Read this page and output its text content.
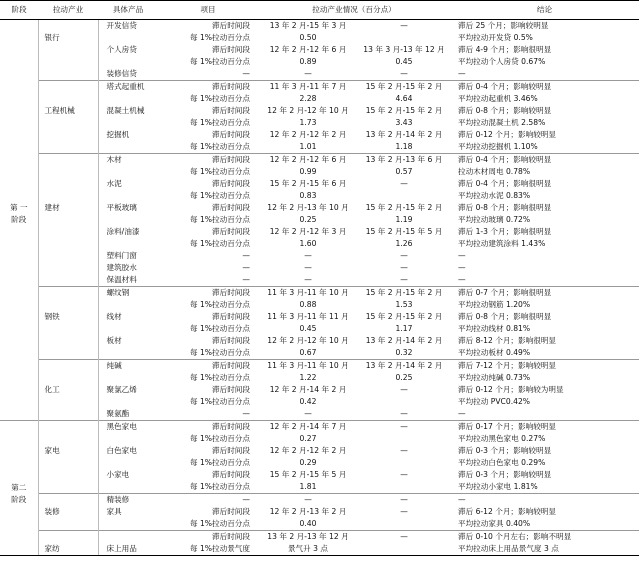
阶段	拉动产业	具体产品	项目	拉动产业情况（百分点）		结论
		开发信贷	滞后时间段	13 年 2 月-15 年 3 月	—	滞后 25 个月；影响较明显
	银行		每 1%拉动百分点	0.50		平均拉动开发贷 0.5%
		个人房贷	滞后时间段	12 年 2 月-12 年 6 月	13 年 3 月-13 年 12 月	滞后 4-9 个月；影响很明显
			每 1%拉动百分点	0.89	0.45	平均拉动个人房贷 0.67%
		装修信贷	—	—	—	—
		塔式起重机	滞后时间段	11 年 3 月-11 年 7 月	15 年 2 月-15 年 2 月	滞后 0-4 个月；影响较明显
			每 1%拉动百分点	2.28	4.64	平均拉动起重机 3.46%
	工程机械	混凝土机械	滞后时间段	12 年 2 月-12 年 10 月	15 年 2 月-15 年 2 月	滞后 0-8 个月；影响较明显
			每 1%拉动百分点	1.73	3.43	平均拉动混凝土机 2.58%
		挖掘机	滞后时间段	12 年 2 月-12 年 2 月	13 年 2 月-14 年 2 月	滞后 0-12 个月；影响较明显
			每 1%拉动百分点	1.01	1.18	平均拉动挖掘机 1.10%
		木材	滞后时间段	12 年 2 月-12 年 6 月	13 年 2 月-13 年 6 月	滞后 0-4 个月；影响较明显
			每 1%拉动百分点	0.99	0.57	拉动木材周电 0.78%
		水泥	滞后时间段	15 年 2 月-15 年 6 月	—	滞后 0-4 个月；影响很明显
			每 1%拉动百分点	0.83		平均拉动水泥 0.83%
第 一	建材	平板玻璃	滞后时间段	12 年 2 月-13 年 10 月	15 年 2 月-15 年 2 月	滞后 0-8 个月；影响很明显
阶段			每 1%拉动百分点	0.25	1.19	平均拉动玻璃 0.72%
		涂料/油漆	滞后时间段	12 年 2 月-12 年 3 月	15 年 2 月-15 年 5 月	滞后 1-3 个月；影响很明显
			每 1%拉动百分点	1.60	1.26	平均拉动建筑涂料 1.43%
		塑料门窗	—	—	—	—
		建筑胶水	—	—	—	—
		保温材料	—	—	—	—
		螺纹钢	滞后时间段	11 年 3 月-11 年 10 月	15 年 2 月-15 年 2 月	滞后 0-7 个月；影响很明显
			每 1%拉动百分点	0.88	1.53	平均拉动钢筋 1.20%
	钢铁	线材	滞后时间段	11 年 3 月-11 年 11 月	15 年 2 月-15 年 2 月	滞后 0-8 个月；影响很明显
			每 1%拉动百分点	0.45	1.17	平均拉动线材 0.81%
		板材	滞后时间段	12 年 2 月-12 年 10 月	13 年 2 月-14 年 2 月	滞后 8-12 个月；影响很明显
			每 1%拉动百分点	0.67	0.32	平均拉动板材 0.49%
		纯碱	滞后时间段	11 年 3 月-11 年 10 月	13 年 2 月-14 年 2 月	滞后 7-12 个月；影响较明显
			每 1%拉动百分点	1.22	0.25	平均拉动纯碱 0.73%
	化工	聚氯乙烯	滞后时间段	12 年 2 月-14 年 2 月	—	滞后 0-12 个月；影响较为明显
			每 1%拉动百分点	0.42		平均拉动 PVC0.42%
		聚氨酯	—	—	—	—
		黑色家电	滞后时间段	12 年 2 月-14 年 7 月	—	滞后 0-17 个月；影响较明显
			每 1%拉动百分点	0.27		平均拉动黑色家电 0.27%
	家电	白色家电	滞后时间段	12 年 2 月-12 年 2 月	—	滞后 0-3 个月；影响较明显
			每 1%拉动百分点	0.29		平均拉动白色家电 0.29%
		小家电	滞后时间段	15 年 2 月-15 年 5 月	—	滞后 0-3 个月；影响较明显
第二			每 1%拉动百分点	1.81		平均拉动小家电 1.81%
阶段		精装修	—	—	—	—
	装修	家具	滞后时间段	12 年 2 月-13 年 2 月	—	滞后 6-12 个月；影响较明显
			每 1%拉动百分点	0.40		平均拉动家具 0.40%
			滞后时间段	13 年 2 月-13 年 12 月	—	滞后 0-10 个月左右；影响不明显
	家纺	床上用品	每 1%拉动景气度	景气升 3 点		平均拉动床上用品景气度 3 点
